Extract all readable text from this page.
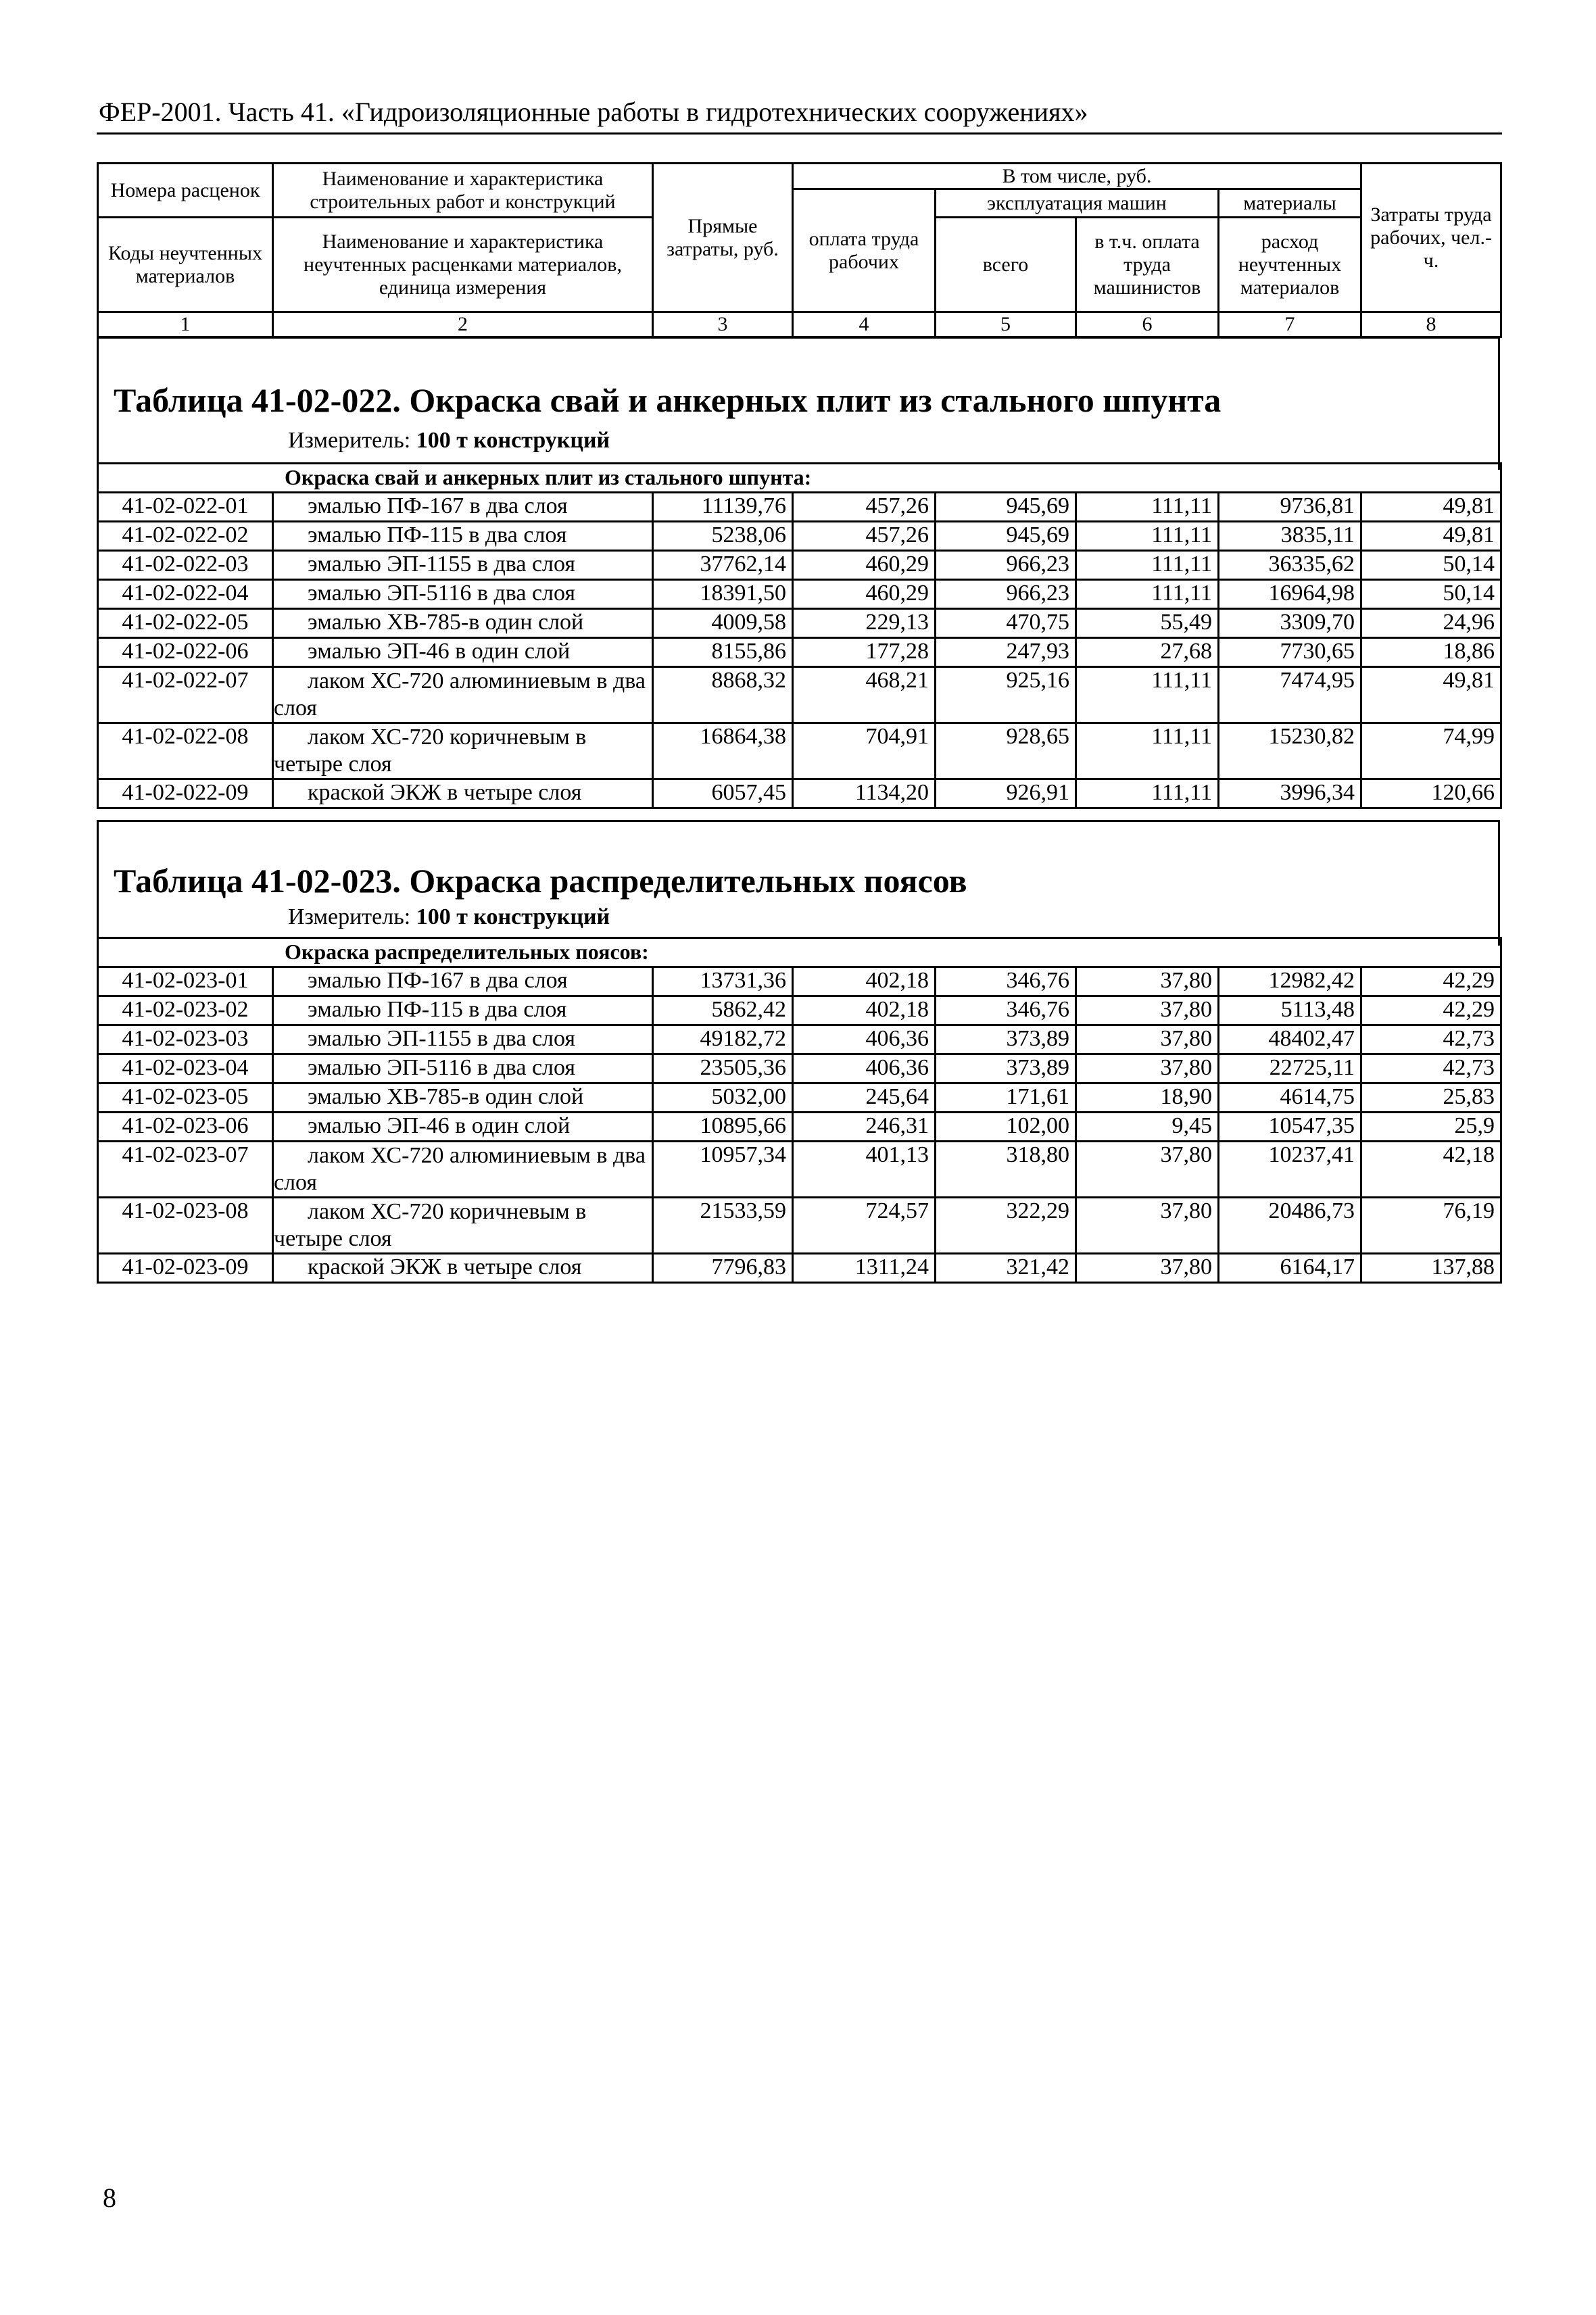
ФЕР-2001. Часть 41. «Гидроизоляционные работы в гидротехнических сооружениях»
Номера расценок	Наименование и характеристика строительных работ и конструкций	Прямые затраты, руб.	В том числе, руб.				Затраты труда рабочих, чел.-ч.
			оплата труда рабочих	эксплуатация машин		материалы	
Коды неучтенных материалов	Наименование и характеристика неучтенных расценками материалов, единица измерения			всего	в т.ч. оплата труда машинистов	расход неучтенных материалов	

1	2	3	4	5	6	7	8
Таблица 41-02-022. Окраска свай и анкерных плит из стального шпунта
Измеритель: 100 т конструкций
Окраска свай и анкерных плит из стального шпунта:							
41-02-022-01	эмалью ПФ-167 в два слоя	11139,76	457,26	945,69	111,11	9736,81	49,81
41-02-022-02	эмалью ПФ-115 в два слоя	5238,06	457,26	945,69	111,11	3835,11	49,81
41-02-022-03	эмалью ЭП-1155 в два слоя	37762,14	460,29	966,23	111,11	36335,62	50,14
41-02-022-04	эмалью ЭП-5116 в два слоя	18391,50	460,29	966,23	111,11	16964,98	50,14
41-02-022-05	эмалью ХВ-785-в один слой	4009,58	229,13	470,75	55,49	3309,70	24,96
41-02-022-06	эмалью ЭП-46 в один слой	8155,86	177,28	247,93	27,68	7730,65	18,86
41-02-022-07	лаком ХС-720 алюминиевым в два слоя	8868,32	468,21	925,16	111,11	7474,95	49,81
41-02-022-08	лаком ХС-720 коричневым в четыре слоя	16864,38	704,91	928,65	111,11	15230,82	74,99
41-02-022-09	краской ЭКЖ в четыре слоя	6057,45	1134,20	926,91	111,11	3996,34	120,66
Таблица 41-02-023. Окраска распределительных поясов
Измеритель: 100 т конструкций
Окраска распределительных поясов:							
41-02-023-01	эмалью ПФ-167 в два слоя	13731,36	402,18	346,76	37,80	12982,42	42,29
41-02-023-02	эмалью ПФ-115 в два слоя	5862,42	402,18	346,76	37,80	5113,48	42,29
41-02-023-03	эмалью ЭП-1155 в два слоя	49182,72	406,36	373,89	37,80	48402,47	42,73
41-02-023-04	эмалью ЭП-5116 в два слоя	23505,36	406,36	373,89	37,80	22725,11	42,73
41-02-023-05	эмалью ХВ-785-в один слой	5032,00	245,64	171,61	18,90	4614,75	25,83
41-02-023-06	эмалью ЭП-46 в один слой	10895,66	246,31	102,00	9,45	10547,35	25,9
41-02-023-07	лаком ХС-720 алюминиевым в два слоя	10957,34	401,13	318,80	37,80	10237,41	42,18
41-02-023-08	лаком ХС-720 коричневым в четыре слоя	21533,59	724,57	322,29	37,80	20486,73	76,19
41-02-023-09	краской ЭКЖ в четыре слоя	7796,83	1311,24	321,42	37,80	6164,17	137,88
8
